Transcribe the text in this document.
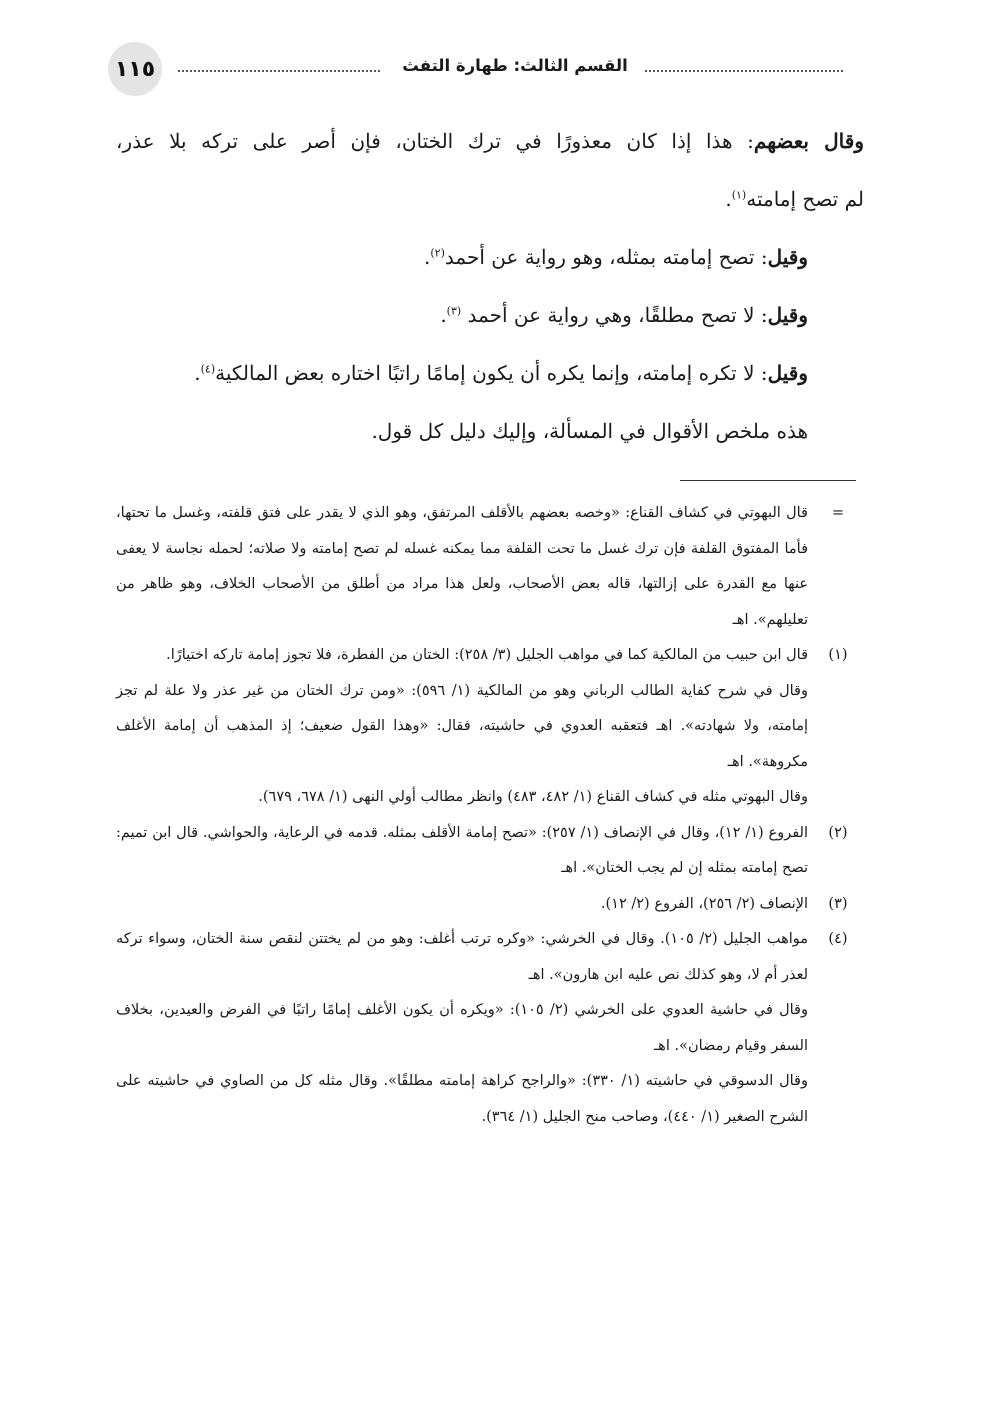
١١٥	القسم الثالث: طهارة التفث

وقال بعضهم: هذا إذا كان معذورًا في ترك الختان، فإن أصر على تركه بلا عذر،

لم تصح إمامته$^{(١)}$.

وقيل: تصح إمامته بمثله، وهو رواية عن أحمد$^{(٢)}$.

وقيل: لا تصح مطلقًا، وهي رواية عن أحمد $^{(٣)}$.

وقيل: لا تكره إمامته، وإنما يكره أن يكون إمامًا راتبًا اختاره بعض المالكية$^{(٤)}$.

هذه ملخص الأقوال في المسألة، وإليك دليل كل قول.

=
قال البهوتي في كشاف القناع: «وخصه بعضهم بالأقلف المرتفق، وهو الذي لا يقدر على فتق قلفته، وغسل ما تحتها، فأما المفتوق القلفة فإن ترك غسل ما تحت القلفة مما يمكنه غسله لم تصح إمامته ولا صلاته؛ لحمله نجاسة لا يعفى عنها مع القدرة على إزالتها، قاله بعض الأصحاب، ولعل هذا مراد من أطلق من الأصحاب الخلاف، وهو ظاهر من تعليلهم». اهـ

(١)
قال ابن حبيب من المالكية كما في مواهب الجليل (٣/ ٢٥٨): الختان من الفطرة، فلا تجوز إمامة تاركه اختيارًا.

وقال في شرح كفاية الطالب الرباني وهو من المالكية (١/ ٥٩٦): «ومن ترك الختان من غير عذر ولا علة لم تجز إمامته، ولا شهادته». اهـ فتعقبه العدوي في حاشيته، فقال: «وهذا القول ضعيف؛ إذ المذهب أن إمامة الأغلف مكروهة». اهـ

وقال البهوتي مثله في كشاف القناع (١/ ٤٨٢، ٤٨٣) وانظر مطالب أولي النهى (١/ ٦٧٨، ٦٧٩).

(٢)
الفروع (١/ ١٢)، وقال في الإنصاف (١/ ٢٥٧): «تصح إمامة الأقلف بمثله. قدمه في الرعاية، والحواشي. قال ابن تميم: تصح إمامته بمثله إن لم يجب الختان». اهـ

(٣)
الإنصاف (٢/ ٢٥٦)، الفروع (٢/ ١٢).

(٤)
مواهب الجليل (٢/ ١٠٥). وقال في الخرشي: «وكره ترتب أغلف: وهو من لم يختتن لنقص سنة الختان، وسواء تركه لعذر أم لا، وهو كذلك نص عليه ابن هارون». اهـ

وقال في حاشية العدوي على الخرشي (٢/ ١٠٥): «ويكره أن يكون الأغلف إمامًا راتبًا في الفرض والعيدين، بخلاف السفر وقيام رمضان». اهـ

وقال الدسوقي في حاشيته (١/ ٣٣٠): «والراجح كراهة إمامته مطلقًا». وقال مثله كل من الصاوي في حاشيته على الشرح الصغير (١/ ٤٤٠)، وصاحب منح الجليل (١/ ٣٦٤).
